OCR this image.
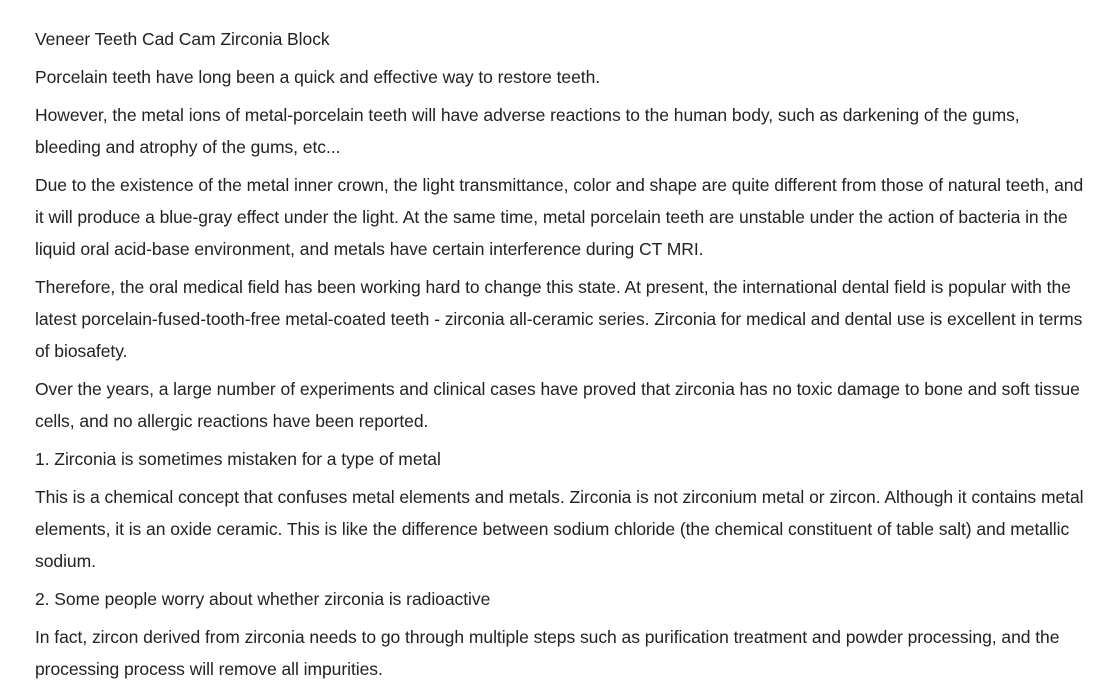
Veneer Teeth Cad Cam Zirconia Block

Porcelain teeth have long been a quick and effective way to restore teeth.

However, the metal ions of metal-porcelain teeth will have adverse reactions to the human body, such as darkening of the gums, bleeding and atrophy of the gums, etc...

Due to the existence of the metal inner crown, the light transmittance, color and shape are quite different from those of natural teeth, and it will produce a blue-gray effect under the light. At the same time, metal porcelain teeth are unstable under the action of bacteria in the liquid oral acid-base environment, and metals have certain interference during CT MRI.

Therefore, the oral medical field has been working hard to change this state. At present, the international dental field is popular with the latest porcelain-fused-tooth-free metal-coated teeth - zirconia all-ceramic series. Zirconia for medical and dental use is excellent in terms of biosafety.

Over the years, a large number of experiments and clinical cases have proved that zirconia has no toxic damage to bone and soft tissue cells, and no allergic reactions have been reported.

1. Zirconia is sometimes mistaken for a type of metal

This is a chemical concept that confuses metal elements and metals. Zirconia is not zirconium metal or zircon. Although it contains metal elements, it is an oxide ceramic. This is like the difference between sodium chloride (the chemical constituent of table salt) and metallic sodium.

2. Some people worry about whether zirconia is radioactive

In fact, zircon derived from zirconia needs to go through multiple steps such as purification treatment and powder processing, and the processing process will remove all impurities.
